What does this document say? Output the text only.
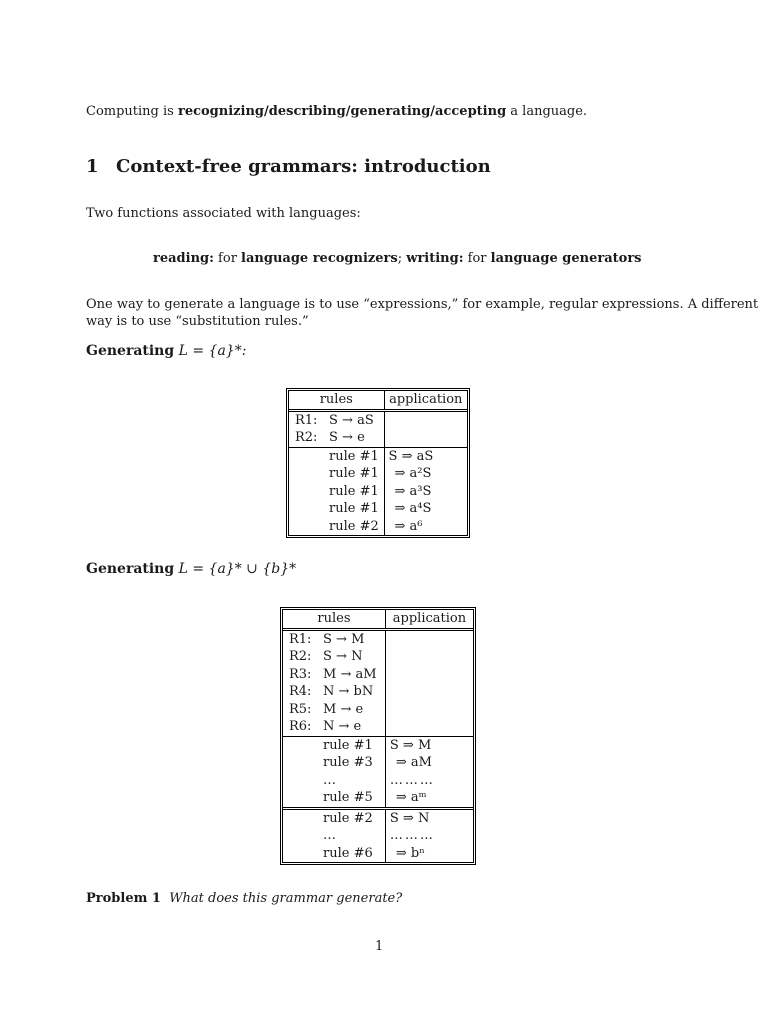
Computing is recognizing/describing/generating/accepting a language.
1 Context-free grammars: introduction
Two functions associated with languages:
reading: for language recognizers; writing: for language generators
One way to generate a language is to use “expressions,” for example, regular expressions. A different
way is to use “substitution rules.”
Generating L = {a}*:
rules		application
R1:	S → aS	
R2:	S → e	
	rule #1	S ⇒ aS
	rule #1	⇒ a²S
	rule #1	⇒ a³S
	rule #1	⇒ a⁴S
	rule #2	⇒ a⁶
Generating L = {a}* ∪ {b}*
rules		application
R1:	S → M	
R2:	S → N	
R3:	M → aM	
R4:	N → bN	
R5:	M → e	
R6:	N → e	
	rule #1	S ⇒ M
	rule #3	⇒ aM
	…	………
	rule #5	⇒ aᵐ
	rule #2	S ⇒ N
	…	………
	rule #6	⇒ bⁿ
Problem 1 What does this grammar generate?
1
